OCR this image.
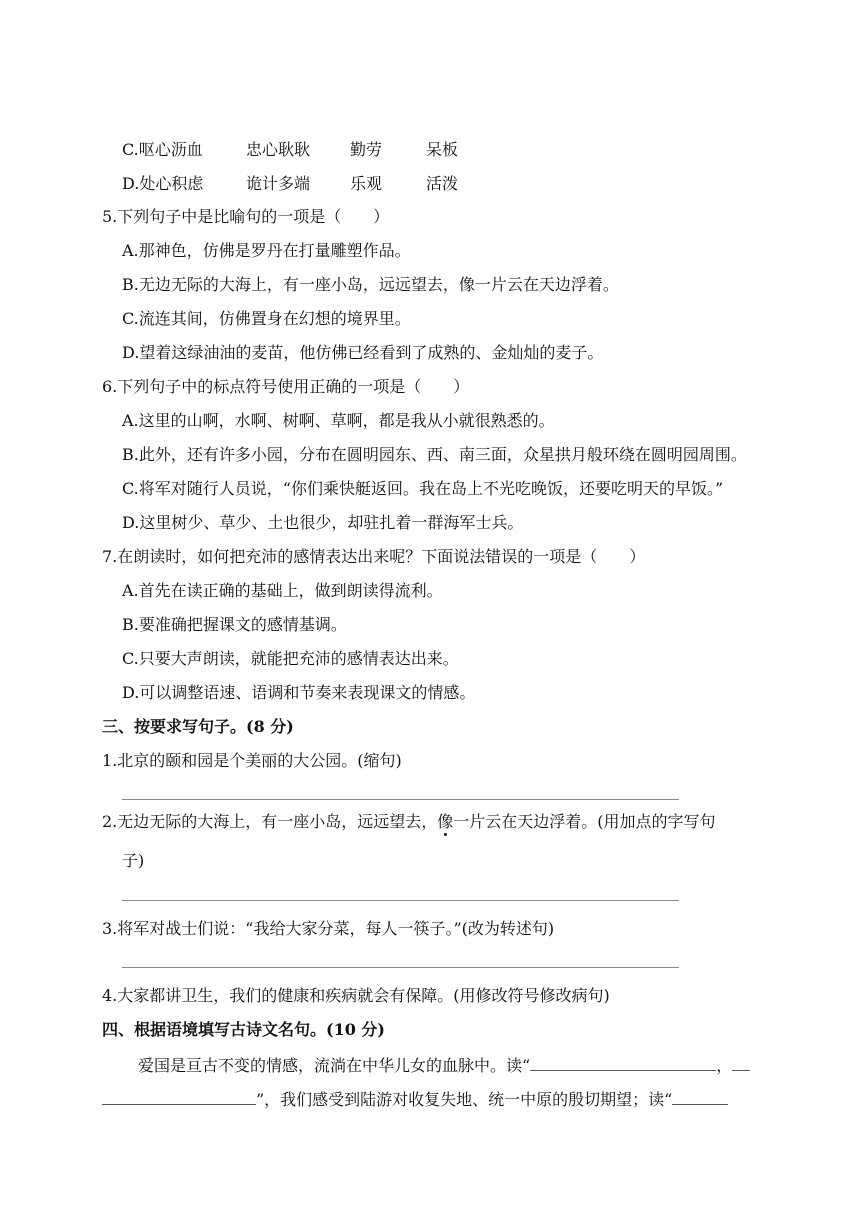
C.呕心沥血	忠心耿耿 勤劳	呆板
D.处心积虑	诡计多端 乐观	活泼
5.下列句子中是比喻句的一项是（　　）
A.那神色，仿佛是罗丹在打量雕塑作品。
B.无边无际的大海上，有一座小岛，远远望去，像一片云在天边浮着。
C.流连其间，仿佛置身在幻想的境界里。
D.望着这绿油油的麦苗，他仿佛已经看到了成熟的、金灿灿的麦子。
6.下列句子中的标点符号使用正确的一项是（　　）
A.这里的山啊，水啊、树啊、草啊，都是我从小就很熟悉的。
B.此外，还有许多小园，分布在圆明园东、西、南三面，众星拱月般环绕在圆明园周围。
C.将军对随行人员说，“你们乘快艇返回。我在岛上不光吃晚饭，还要吃明天的早饭。”
D.这里树少、草少、土也很少，却驻扎着一群海军士兵。
7.在朗读时，如何把充沛的感情表达出来呢？下面说法错误的一项是（　　）
A.首先在读正确的基础上，做到朗读得流利。
B.要准确把握课文的感情基调。
C.只要大声朗读，就能把充沛的感情表达出来。
D.可以调整语速、语调和节奏来表现课文的情感。
三、按要求写句子。(8 分)
1.北京的颐和园是个美丽的大公园。(缩句)
2.无边无际的大海上，有一座小岛，远远望去，像一片云在天边浮着。(用加点的字写句
子)
3.将军对战士们说：“我给大家分菜，每人一筷子。”(改为转述句)
4.大家都讲卫生，我们的健康和疾病就会有保障。(用修改符号修改病句)
四、根据语境填写古诗文名句。(10 分)
爱国是亘古不变的情感，流淌在中华儿女的血脉中。读“	，
”，我们感受到陆游对收复失地、统一中原的殷切期望；读“
